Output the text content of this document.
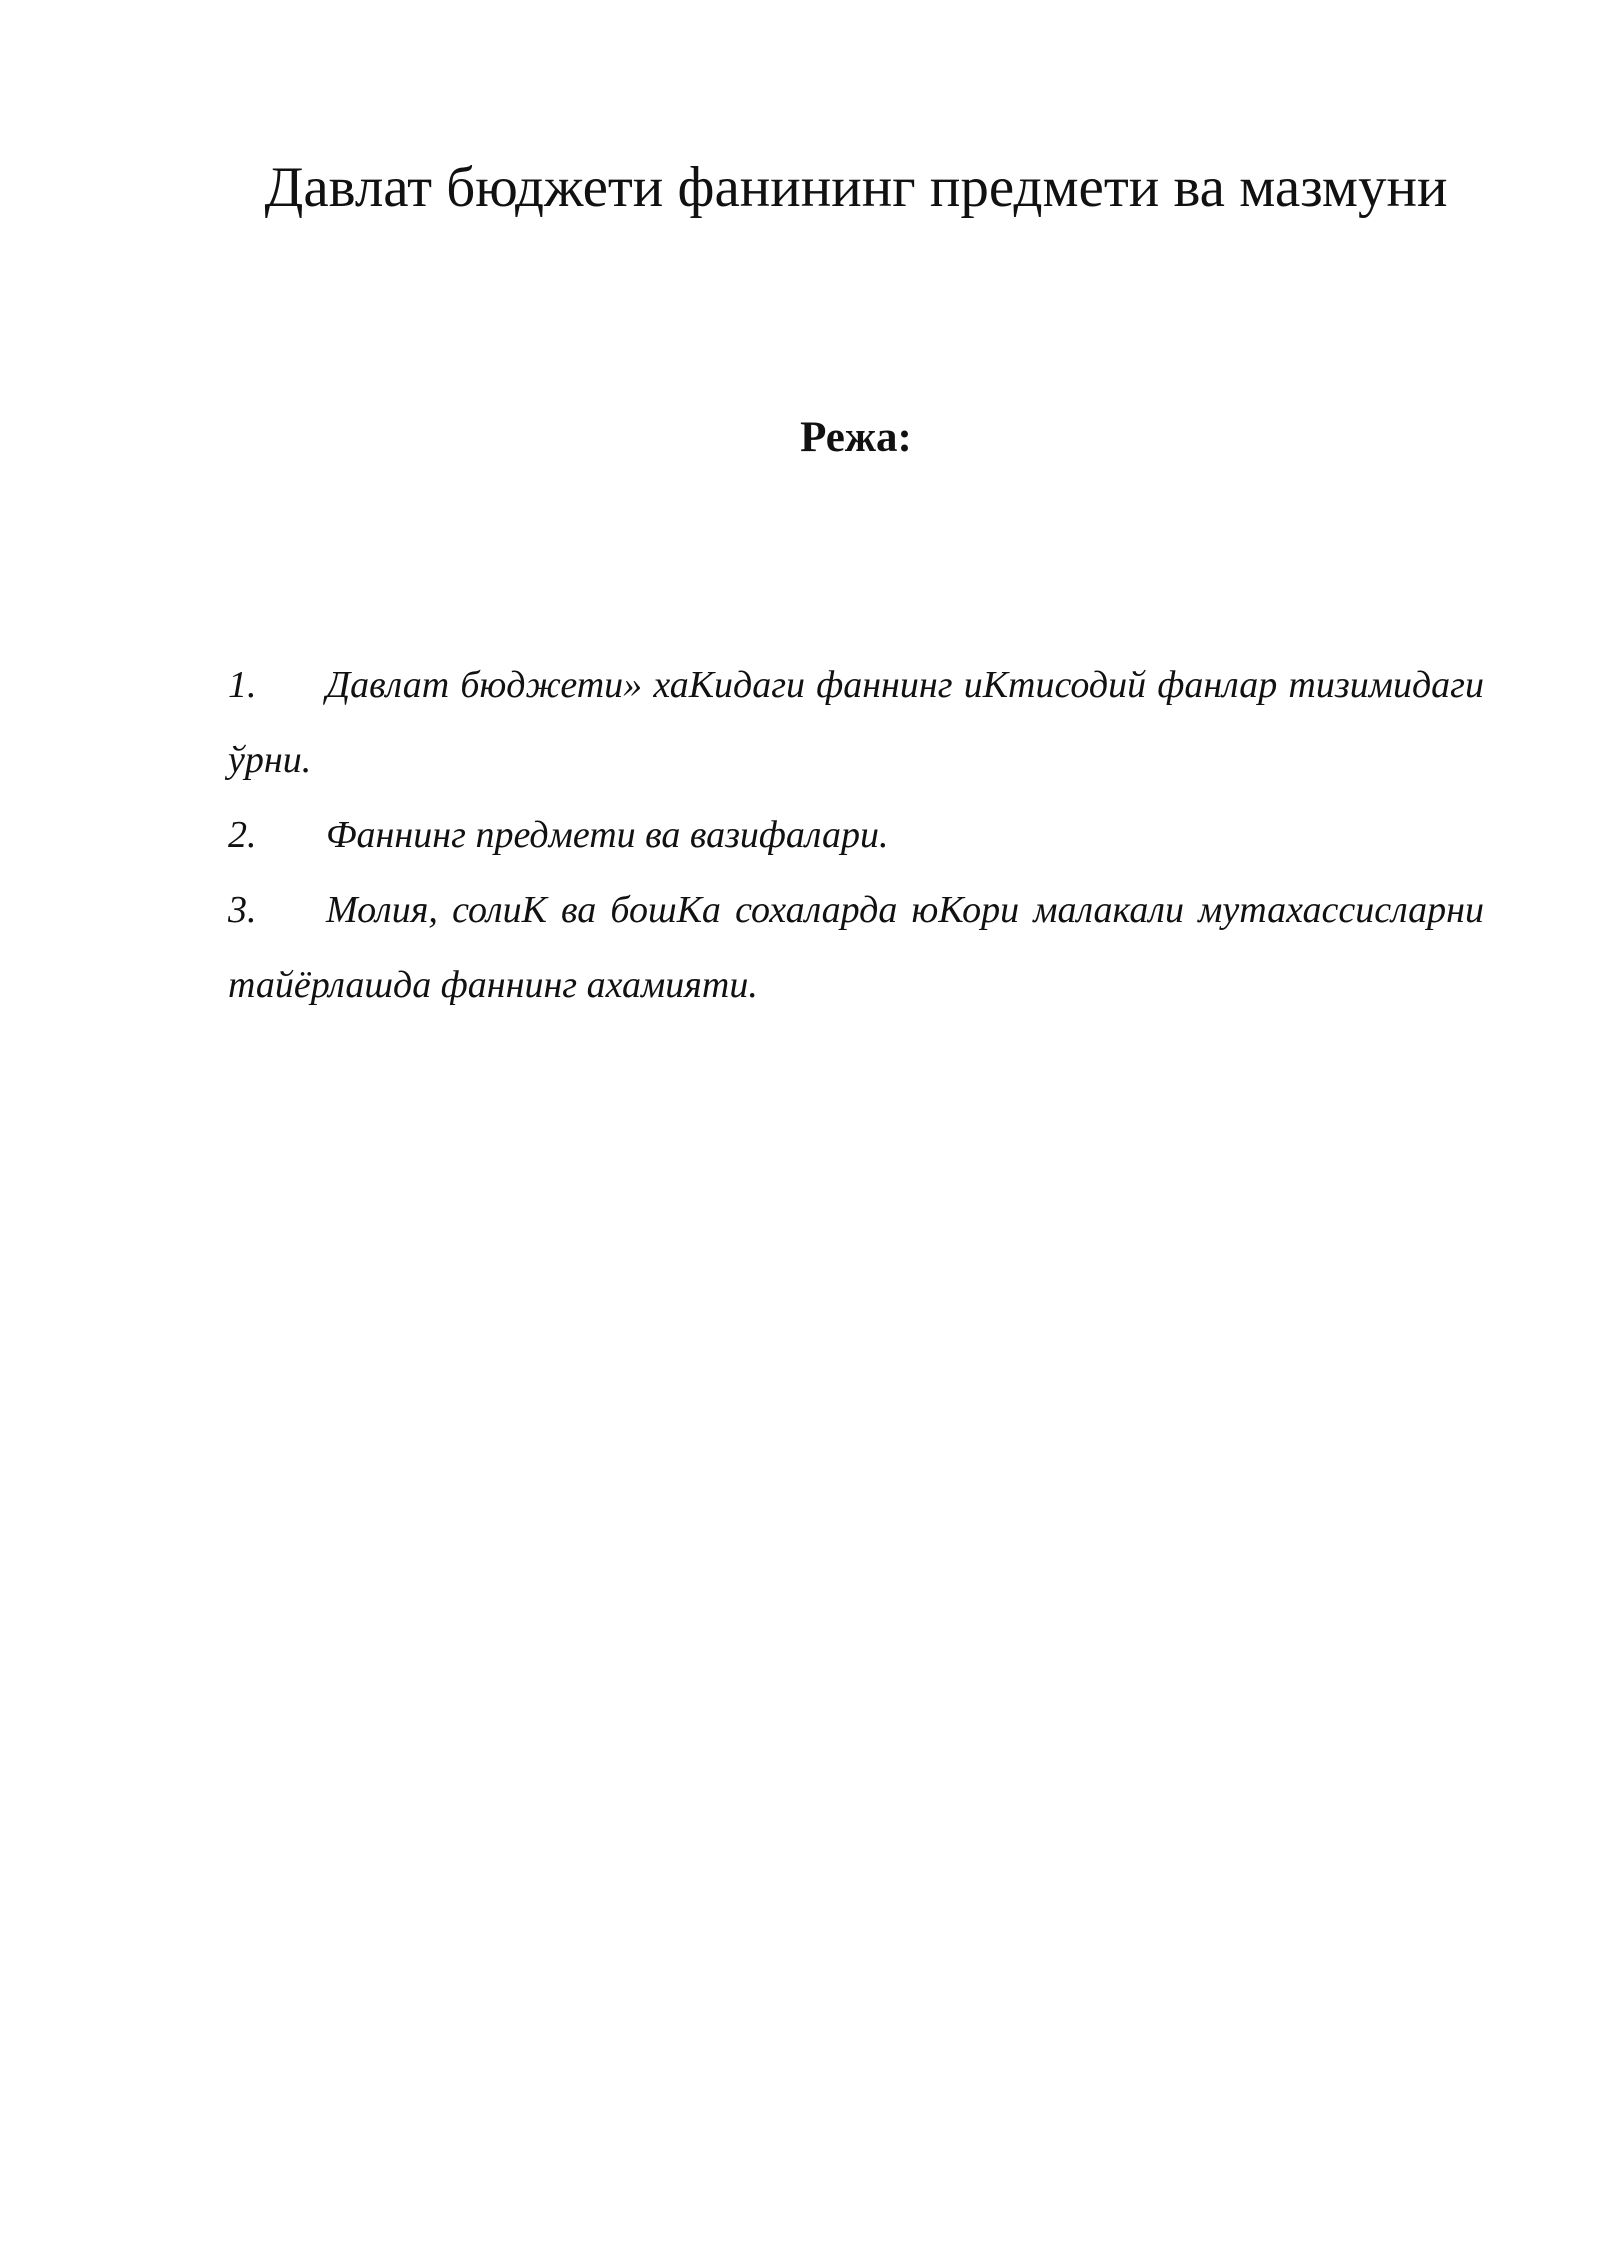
Давлат бюджети фанининг предмети ва мазмуни
Режа:
1. Давлат бюджети» хаКидаги фаннинг иКтисодий фанлар тизимидаги ўрни.
2. Фаннинг предмети ва вазифалари.
3. Молия, солиК ва бошКа сохаларда юКори малакали мутахассисларни тайёрлашда фаннинг ахамияти.
